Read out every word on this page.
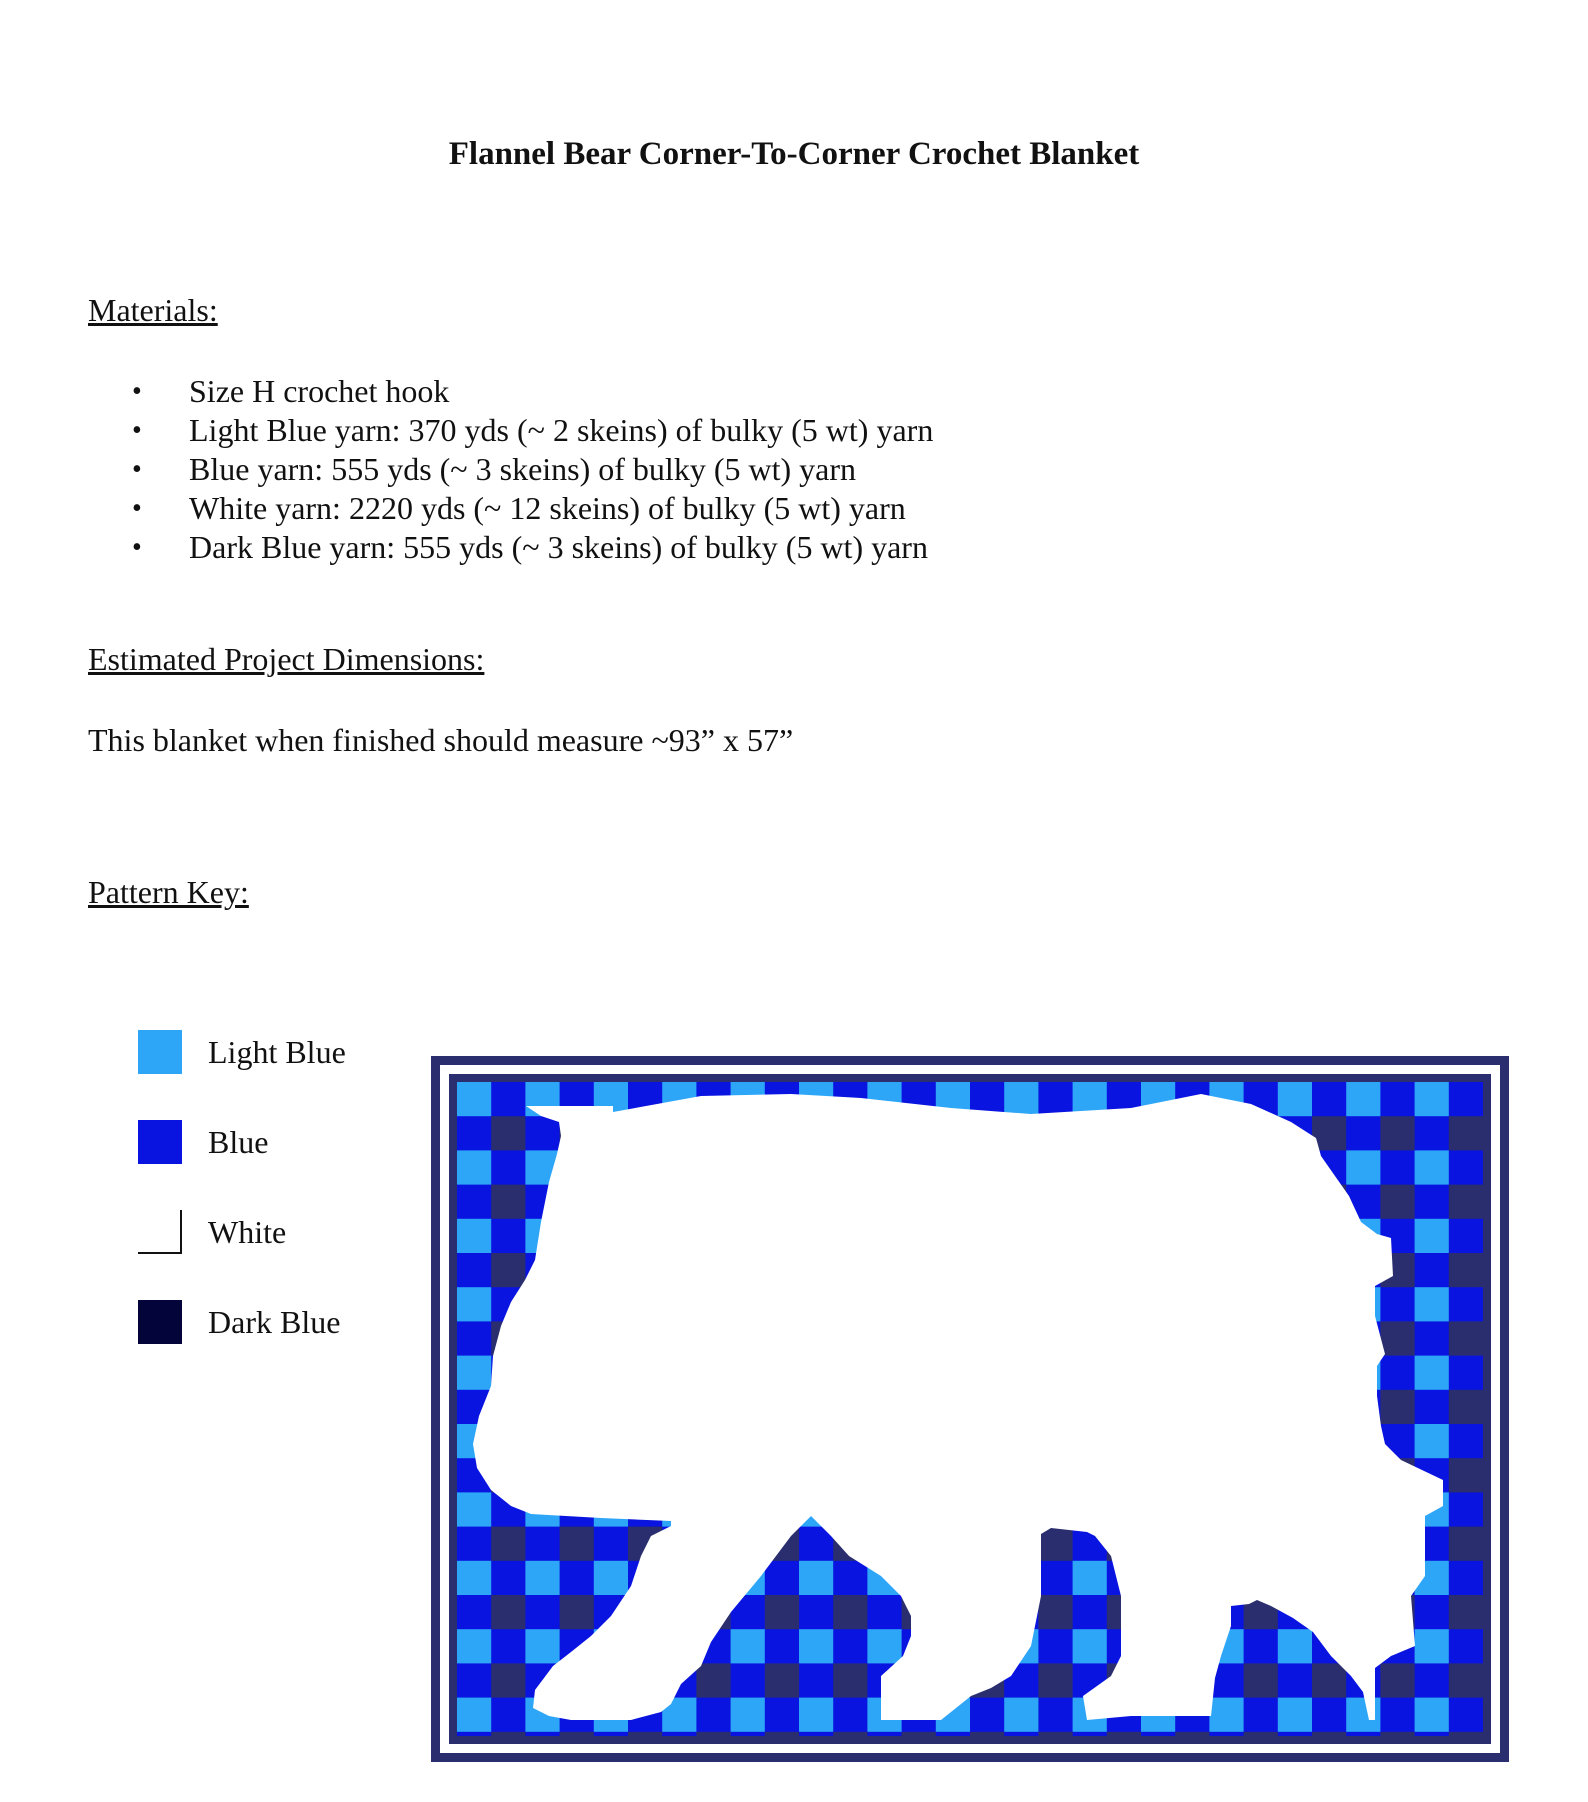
Flannel Bear Corner-To-Corner Crochet Blanket
Materials:
• Size H crochet hook
• Light Blue yarn: 370 yds (~ 2 skeins) of bulky (5 wt) yarn
• Blue yarn: 555 yds (~ 3 skeins) of bulky (5 wt) yarn
• White yarn: 2220 yds (~ 12 skeins) of bulky (5 wt) yarn
• Dark Blue yarn: 555 yds (~ 3 skeins) of bulky (5 wt) yarn
Estimated Project Dimensions:
This blanket when finished should measure ~93” x 57”
Pattern Key:
Light Blue
Blue
White
Dark Blue
